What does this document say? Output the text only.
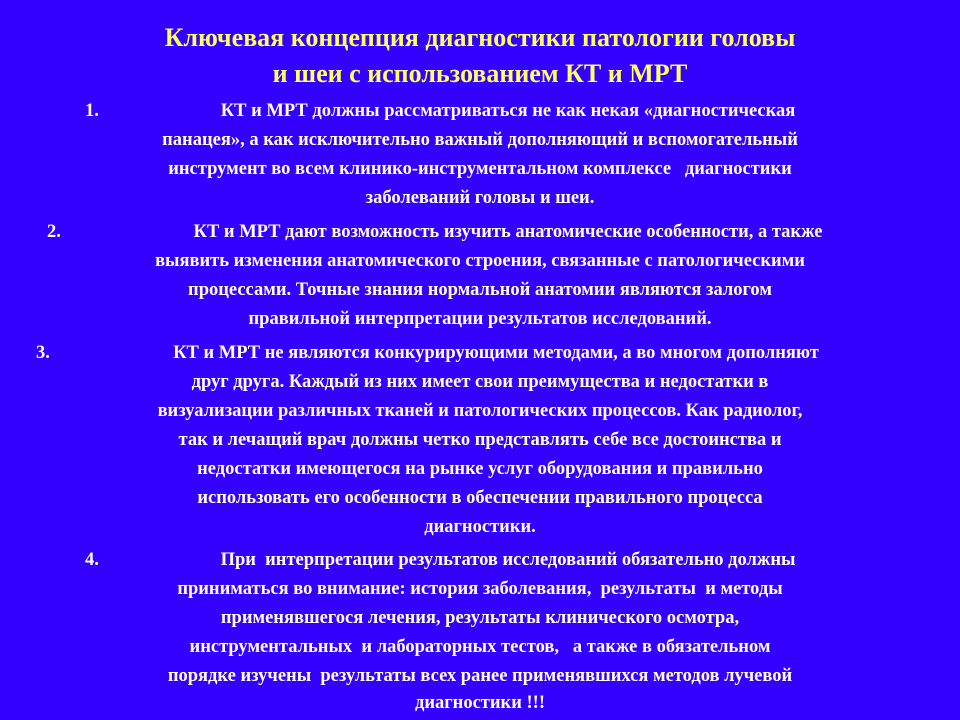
Ключевая концепция диагностики патологии головы
и шеи с использованием КТ и МРТ
1.	КТ и МРТ должны рассматриваться не как некая «диагностическая
панацея», а как исключительно важный дополняющий и вспомогательный
инструмент во всем клинико-инструментальном комплексе   диагностики
заболеваний головы и шеи.
2.	КТ и МРТ дают возможность изучить анатомические особенности, а также
выявить изменения анатомического строения, связанные с патологическими
процессами. Точные знания нормальной анатомии являются залогом
правильной интерпретации результатов исследований.
3.	КТ и МРТ не являются конкурирующими методами, а во многом дополняют
друг друга. Каждый из них имеет свои преимущества и недостатки в
визуализации различных тканей и патологических процессов. Как радиолог,
так и лечащий врач должны четко представлять себе все достоинства и
недостатки имеющегося на рынке услуг оборудования и правильно
использовать его особенности в обеспечении правильного процесса
диагностики.
4.	При  интерпретации результатов исследований обязательно должны
приниматься во внимание: история заболевания,  результаты  и методы
применявшегося лечения, результаты клинического осмотра,
инструментальных  и лабораторных тестов,   а также в обязательном
порядке изучены  результаты всех ранее применявшихся методов лучевой
диагностики !!!
